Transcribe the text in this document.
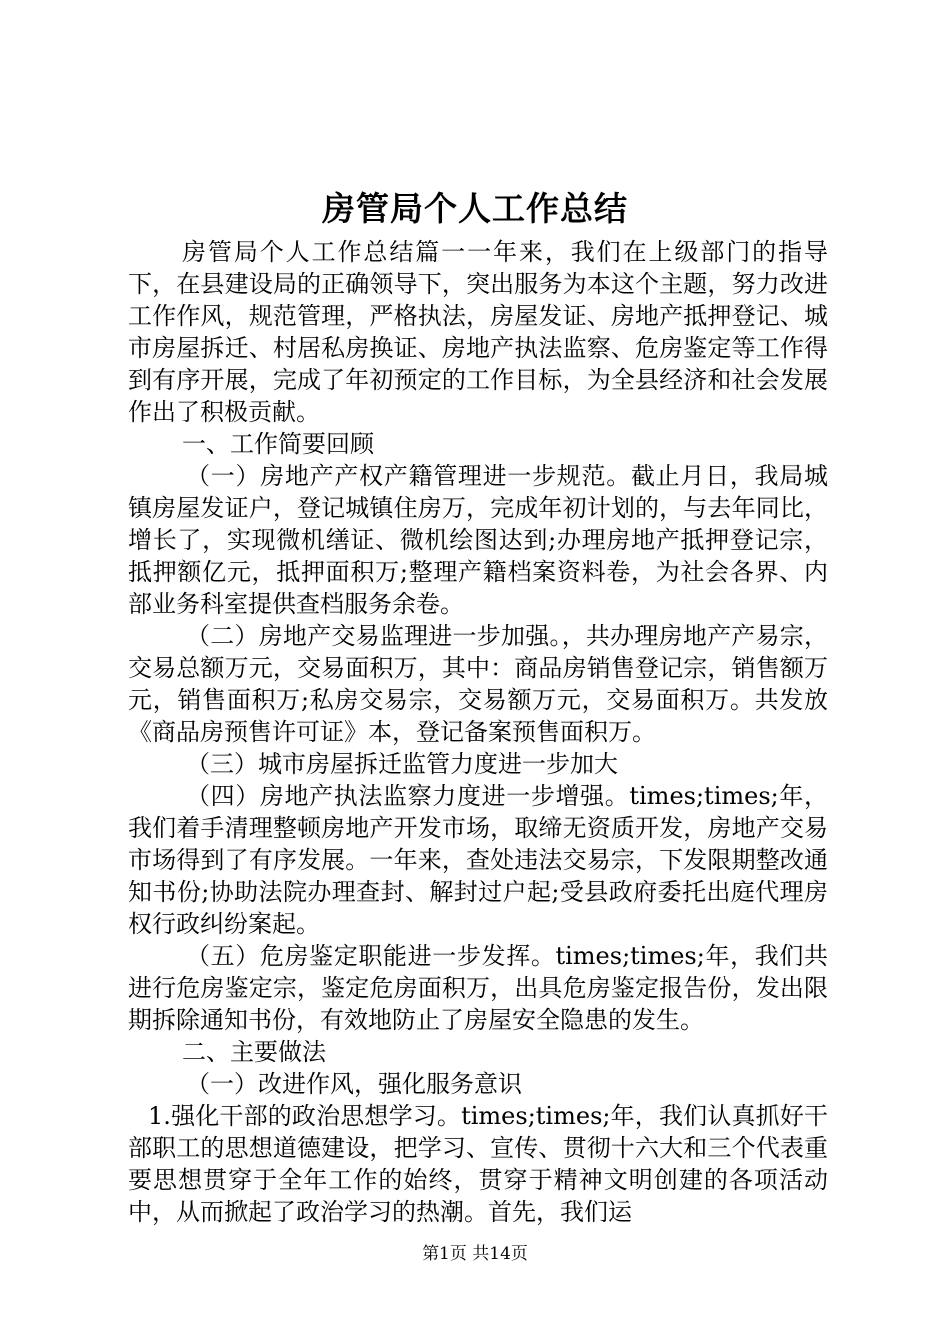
房管局个人工作总结

房管局个人工作总结篇一一年来，我们在上级部门的指导下，在县建设局的正确领导下，突出服务为本这个主题，努力改进工作作风，规范管理，严格执法，房屋发证、房地产抵押登记、城市房屋拆迁、村居私房换证、房地产执法监察、危房鉴定等工作得到有序开展，完成了年初预定的工作目标，为全县经济和社会发展作出了积极贡献。

一、工作简要回顾

（一）房地产产权产籍管理进一步规范。截止月日，我局城镇房屋发证户，登记城镇住房万，完成年初计划的，与去年同比，增长了，实现微机缮证、微机绘图达到;办理房地产抵押登记宗，抵押额亿元，抵押面积万;整理产籍档案资料卷，为社会各界、内部业务科室提供查档服务余卷。

（二）房地产交易监理进一步加强。，共办理房地产产易宗，交易总额万元，交易面积万，其中：商品房销售登记宗，销售额万元，销售面积万;私房交易宗，交易额万元，交易面积万。共发放《商品房预售许可证》本，登记备案预售面积万。

（三）城市房屋拆迁监管力度进一步加大

（四）房地产执法监察力度进一步增强。times;times;年，我们着手清理整顿房地产开发市场，取缔无资质开发，房地产交易市场得到了有序发展。一年来，查处违法交易宗，下发限期整改通知书份;协助法院办理查封、解封过户起;受县政府委托出庭代理房权行政纠纷案起。

（五）危房鉴定职能进一步发挥。times;times;年，我们共进行危房鉴定宗，鉴定危房面积万，出具危房鉴定报告份，发出限期拆除通知书份，有效地防止了房屋安全隐患的发生。

二、主要做法

（一）改进作风，强化服务意识

1.强化干部的政治思想学习。times;times;年，我们认真抓好干部职工的思想道德建设，把学习、宣传、贯彻十六大和三个代表重要思想贯穿于全年工作的始终，贯穿于精神文明创建的各项活动中，从而掀起了政治学习的热潮。首先，我们运

第1页 共14页
